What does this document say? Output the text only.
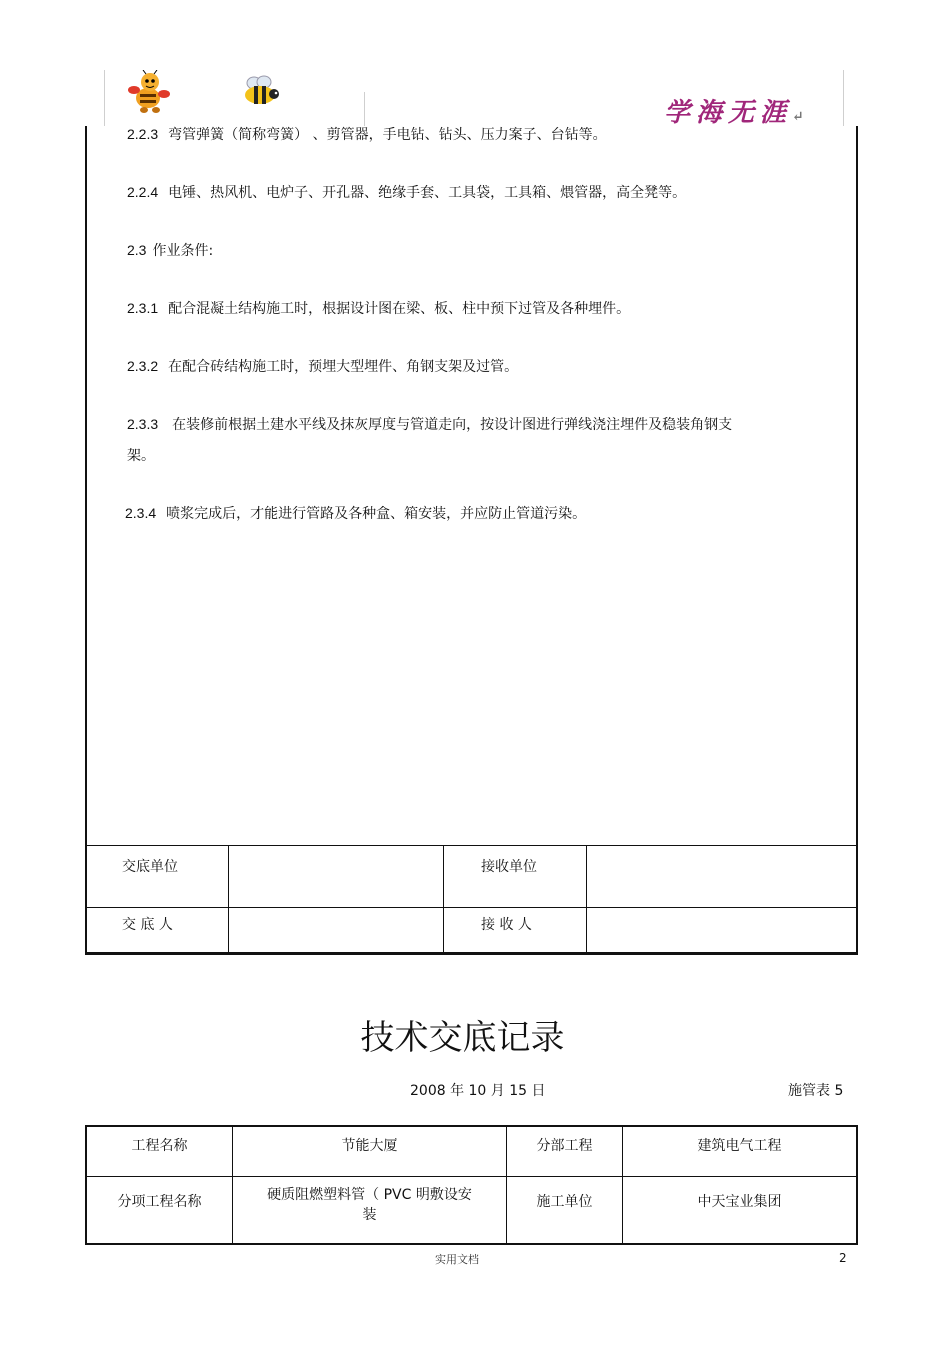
学海无涯↵
2.2.3 弯管弹簧（简称弯簧） 、剪管器，手电钻、钻头、压力案子、台钻等。
2.2.4 电锤、热风机、电炉子、开孔器、绝缘手套、工具袋，工具箱、煨管器，高全凳等。
2.3 作业条件:
2.3.1 配合混凝土结构施工时，根据设计图在梁、板、柱中预下过管及各种埋件。
2.3.2 在配合砖结构施工时，预埋大型埋件、角钢支架及过管。
2.3.3 在装修前根据土建水平线及抹灰厚度与管道走向，按设计图进行弹线浇注埋件及稳装角钢支
架。
2.3.4 喷浆完成后，才能进行管路及各种盒、箱安装，并应防止管道污染。
交底单位		接收单位	
交 底 人		接 收 人	
技术交底记录
2008 年 10 月 15 日	施管表 5
工程名称	节能大厦	分部工程	建筑电气工程
分项工程名称	硬质阻燃塑料管（ PVC 明敷设安
装	施工单位	中天宝业集团
实用文档	2
